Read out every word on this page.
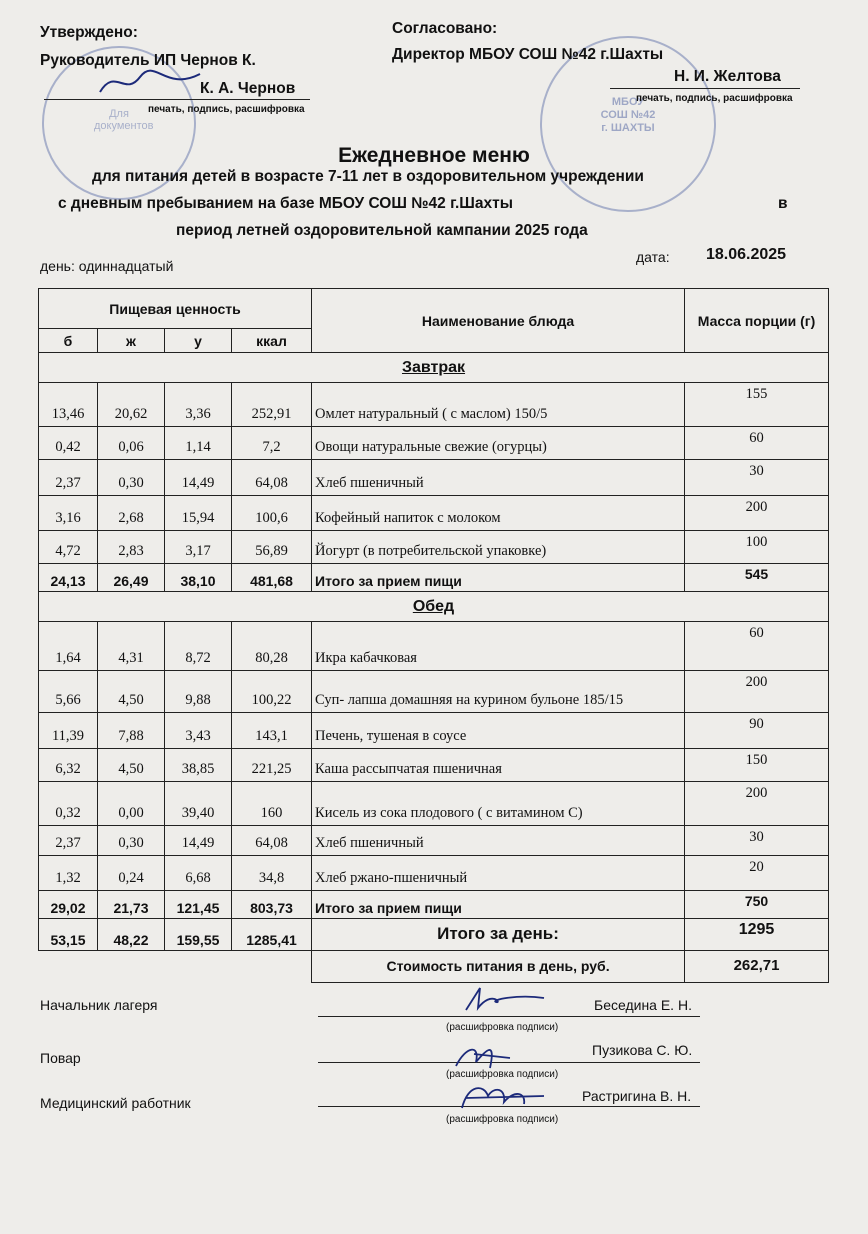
Для
документов
МБОУ
СОШ №42
г. ШАХТЫ
Утверждено:
Руководитель ИП Чернов К.
К. А. Чернов
печать, подпись, расшифровка
Согласовано:
Директор МБОУ СОШ №42 г.Шахты
Н. И. Желтова
печать, подпись, расшифровка
Ежедневное меню
для питания детей в возрасте 7-11 лет в оздоровительном учреждении
с дневным пребыванием на базе МБОУ СОШ №42 г.Шахты	в
период летней оздоровительной кампании 2025 года
день: одиннадцатый
дата: 18.06.2025
Пищевая ценность				Наименование блюда	Масса порции (г)
б	ж	у	ккал		
Завтрак					
13,46	20,62	3,36	252,91	Омлет натуральный ( с маслом) 150/5	155
0,42	0,06	1,14	7,2	Овощи натуральные свежие (огурцы)	60
2,37	0,30	14,49	64,08	Хлеб пшеничный	30
3,16	2,68	15,94	100,6	Кофейный напиток с молоком	200
4,72	2,83	3,17	56,89	Йогурт (в потребительской упаковке)	100
24,13	26,49	38,10	481,68	Итого за прием пищи	545
Обед					
1,64	4,31	8,72	80,28	Икра кабачковая	60
5,66	4,50	9,88	100,22	Суп- лапша домашняя на курином бульоне 185/15	200
11,39	7,88	3,43	143,1	Печень, тушеная в соусе	90
6,32	4,50	38,85	221,25	Каша рассыпчатая пшеничная	150
0,32	0,00	39,40	160	Кисель из сока плодового ( с витамином С)	200
2,37	0,30	14,49	64,08	Хлеб пшеничный	30
1,32	0,24	6,68	34,8	Хлеб ржано-пшеничный	20
29,02	21,73	121,45	803,73	Итого за прием пищи	750
53,15	48,22	159,55	1285,41	Итого за день:	1295
				Стоимость питания в день, руб.	262,71
Начальник лагеря	Беседина Е. Н.
(расшифровка подписи)
Повар	Пузикова С. Ю.
(расшифровка подписи)
Медицинский работник	Растригина В. Н.
(расшифровка подписи)
